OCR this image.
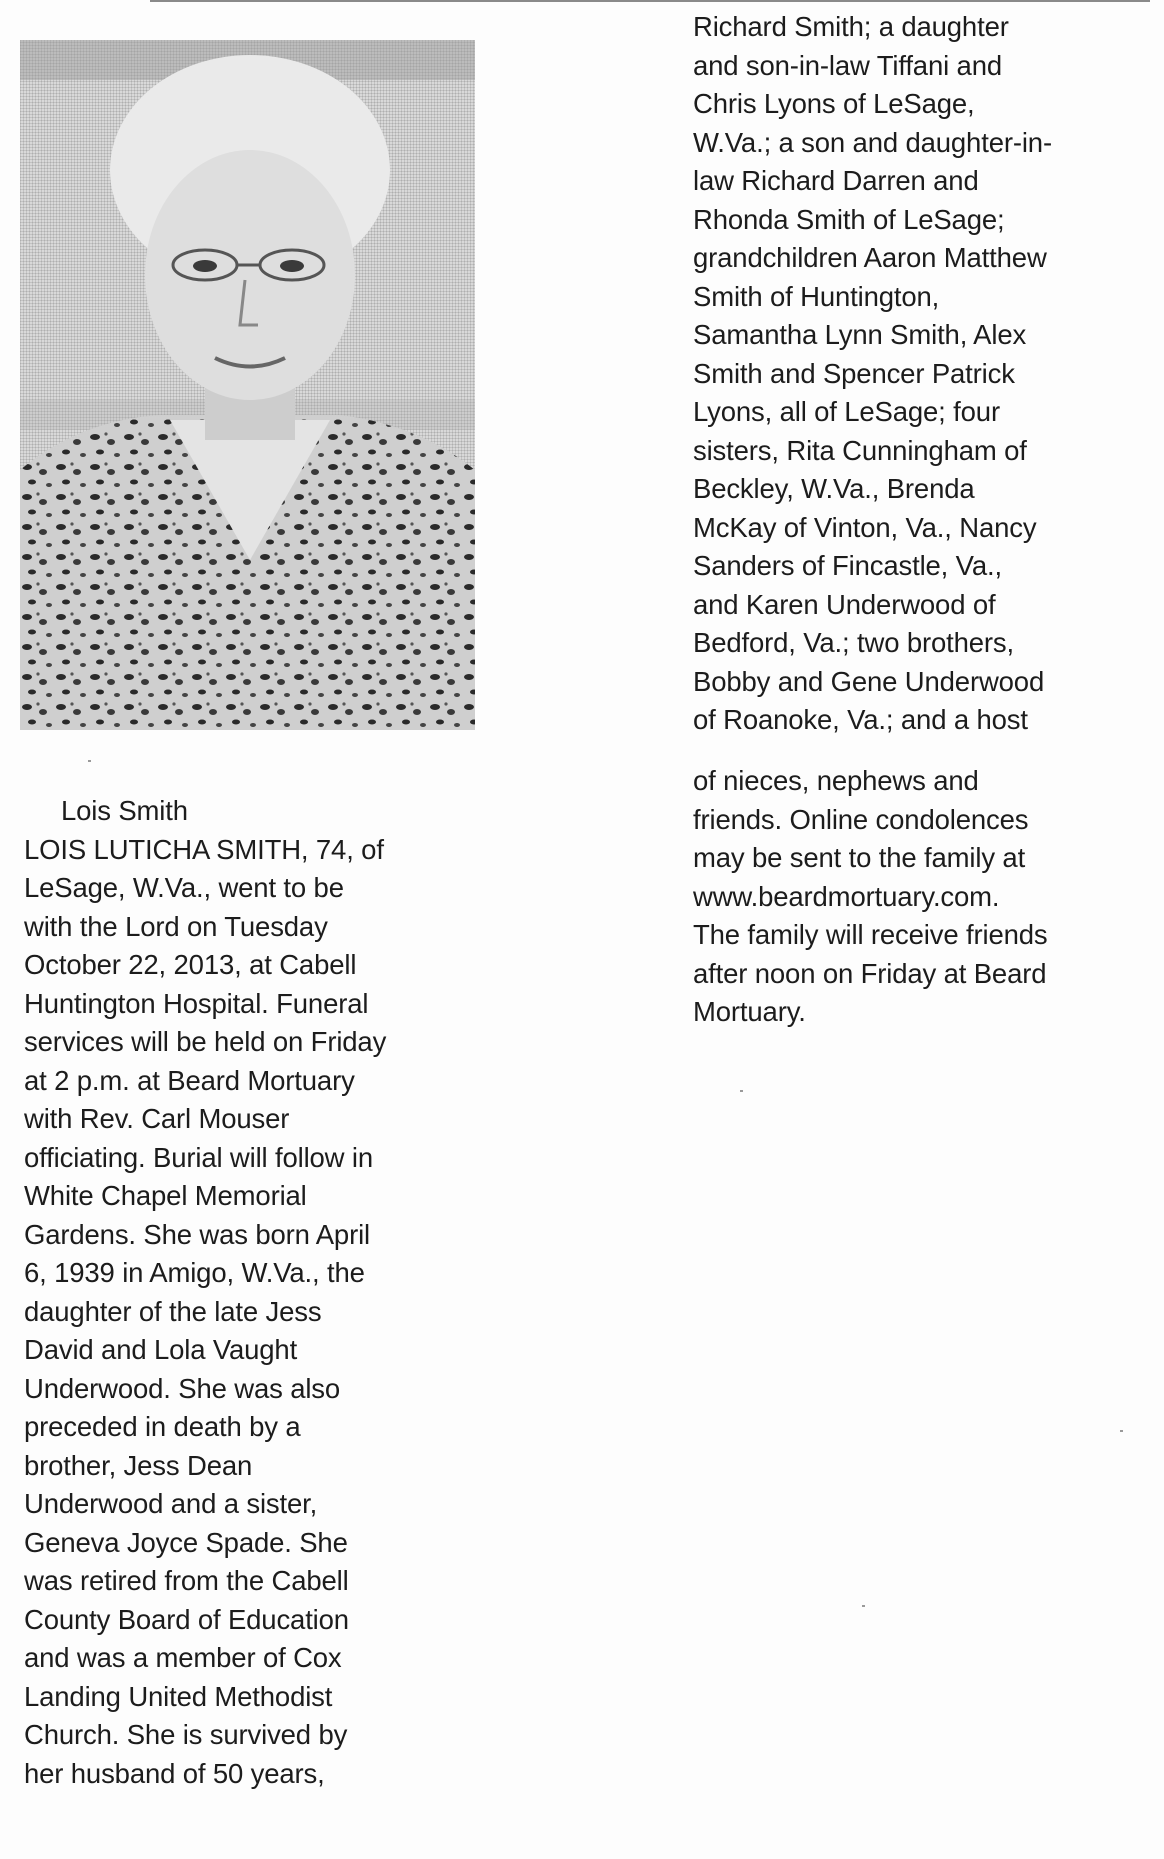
Lois Smith
LOIS LUTICHA SMITH, 74, of
LeSage, W.Va., went to be
with the Lord on Tuesday
October 22, 2013, at Cabell
Huntington Hospital. Funeral
services will be held on Friday
at 2 p.m. at Beard Mortuary
with Rev. Carl Mouser
officiating. Burial will follow in
White Chapel Memorial
Gardens. She was born April
6, 1939 in Amigo, W.Va., the
daughter of the late Jess
David and Lola Vaught
Underwood. She was also
preceded in death by a
brother, Jess Dean
Underwood and a sister,
Geneva Joyce Spade. She
was retired from the Cabell
County Board of Education
and was a member of Cox
Landing United Methodist
Church. She is survived by
her husband of 50 years,

Richard Smith; a daughter
and son-in-law Tiffani and
Chris Lyons of LeSage,
W.Va.; a son and daughter-in-
law Richard Darren and
Rhonda Smith of LeSage;
grandchildren Aaron Matthew
Smith of Huntington,
Samantha Lynn Smith, Alex
Smith and Spencer Patrick
Lyons, all of LeSage; four
sisters, Rita Cunningham of
Beckley, W.Va., Brenda
McKay of Vinton, Va., Nancy
Sanders of Fincastle, Va.,
and Karen Underwood of
Bedford, Va.; two brothers,
Bobby and Gene Underwood
of Roanoke, Va.; and a host

of nieces, nephews and
friends. Online condolences
may be sent to the family at
www.beardmortuary.com.
The family will receive friends
after noon on Friday at Beard
Mortuary.
